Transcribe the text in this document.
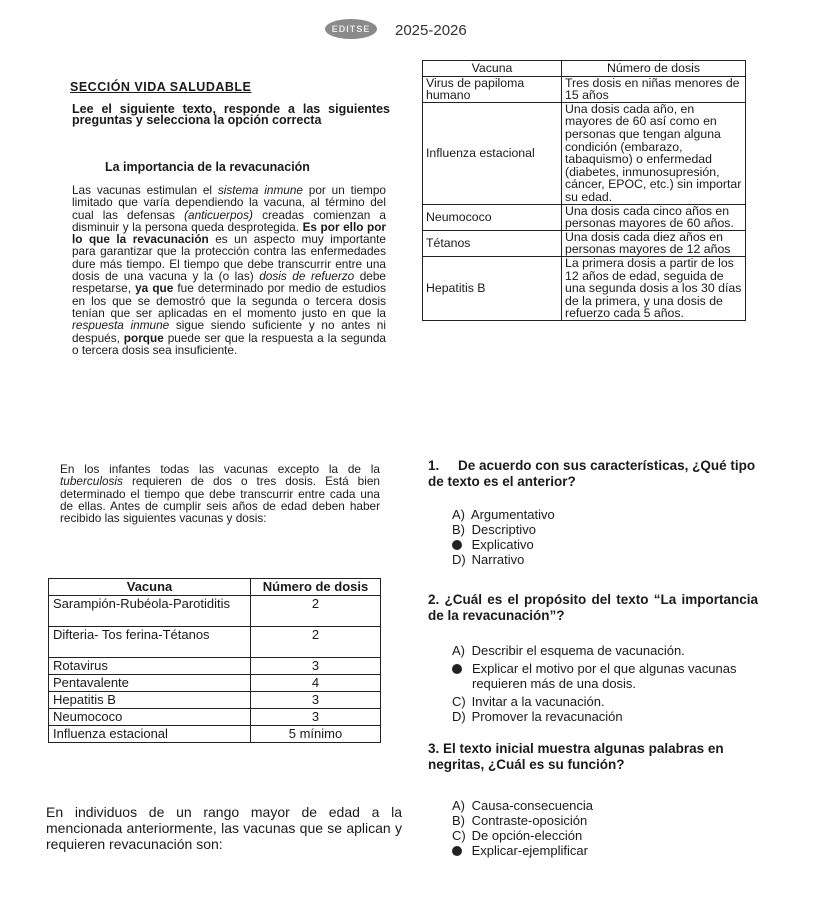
EDITSE	2025-2026
SECCIÓN VIDA SALUDABLE
Lee el siguiente texto, responde a las siguientes preguntas y selecciona la opción correcta
La importancia de la revacunación
Las vacunas estimulan el sistema inmune por un tiempo limitado que varía dependiendo la vacuna, al término del cual las defensas (anticuerpos) creadas comienzan a disminuir y la persona queda desprotegida. Es por ello por lo que la revacunación es un aspecto muy importante para garantizar que la protección contra las enfermedades dure más tiempo. El tiempo que debe transcurrir entre una dosis de una vacuna y la (o las) dosis de refuerzo debe respetarse, ya que fue determinado por medio de estudios en los que se demostró que la segunda o tercera dosis tenían que ser aplicadas en el momento justo en que la respuesta inmune sigue siendo suficiente y no antes ni después, porque puede ser que la respuesta a la segunda o tercera dosis sea insuficiente.
En los infantes todas las vacunas excepto la de la tuberculosis requieren de dos o tres dosis. Está bien determinado el tiempo que debe transcurrir entre cada una de ellas. Antes de cumplir seis años de edad deben haber recibido las siguientes vacunas y dosis:
Vacuna	Número de dosis
Sarampión-Rubéola-Parotiditis	2
Difteria- Tos ferina-Tétanos	2
Rotavirus	3
Pentavalente	4
Hepatitis B	3
Neumococo	3
Influenza estacional	5 mínimo
En individuos de un rango mayor de edad a la mencionada anteriormente, las vacunas que se aplican y requieren revacunación son:
Vacuna	Número de dosis
Virus de papiloma humano	Tres dosis en niñas menores de 15 años
Influenza estacional	Una dosis cada año, en mayores de 60 así como en personas que tengan alguna condición (embarazo, tabaquismo) o enfermedad (diabetes, inmunosupresión, cáncer, EPOC, etc.) sin importar su edad.
Neumococo	Una dosis cada cinco años en personas mayores de 60 años.
Tétanos	Una dosis cada diez años en personas mayores de 12 años
Hepatitis B	La primera dosis a partir de los 12 años de edad, seguida de una segunda dosis a los 30 días de la primera, y una dosis de refuerzo cada 5 años.
1. De acuerdo con sus características, ¿Qué tipo de texto es el anterior?
A) Argumentativo
B) Descriptivo
Explicativo
D) Narrativo
2. ¿Cuál es el propósito del texto “La importancia de la revacunación”?
A) Describir el esquema de vacunación.
Explicar el motivo por el que algunas vacunas requieren más de una dosis.
C) Invitar a la vacunación.
D) Promover la revacunación
3. El texto inicial muestra algunas palabras en negritas, ¿Cuál es su función?
A) Causa-consecuencia
B) Contraste-oposición
C) De opción-elección
Explicar-ejemplificar
